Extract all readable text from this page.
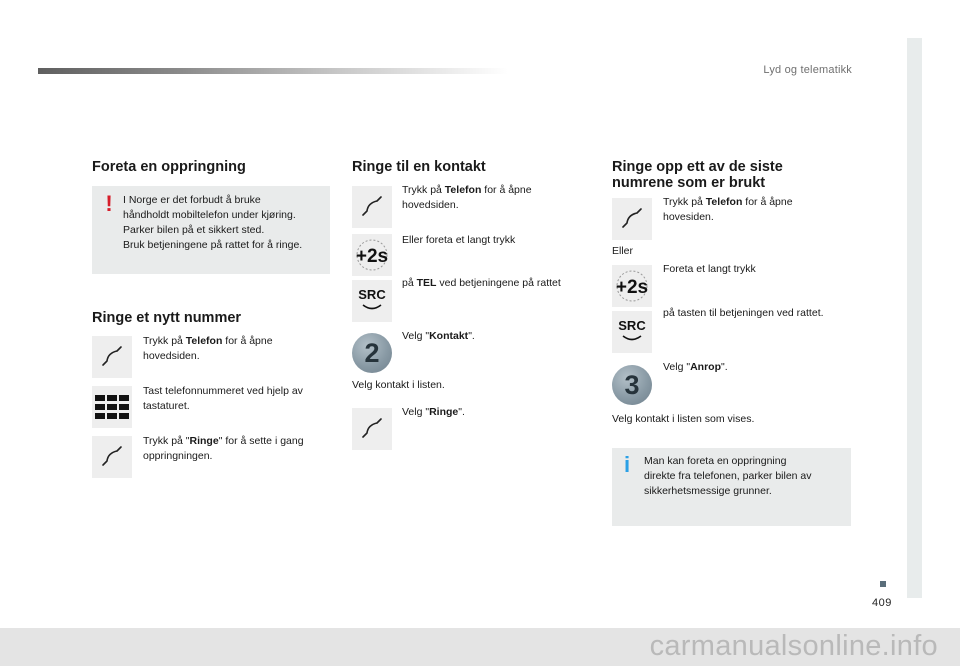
Lyd og telematikk
409
Foreta en oppringning
! I Norge er det forbudt å bruke
håndholdt mobiltelefon under kjøring.
Parker bilen på et sikkert sted.
Bruk betjeningene på rattet for å ringe.
Ringe et nytt nummer
Trykk på Telefon for å åpne hovedsiden.
Tast telefonnummeret ved hjelp av tastaturet.
Trykk på "Ringe" for å sette i gang oppringningen.
Ringe til en kontakt
Trykk på Telefon for å åpne hovedsiden.
+2s
Eller foreta et langt trykk
SRC
på TEL ved betjeningene på rattet
2
Velg "Kontakt".
Velg kontakt i listen.
Velg "Ringe".
Ringe opp ett av de siste
numrene som er brukt
Trykk på Telefon for å åpne hovesiden.
Eller
+2s
Foreta et langt trykk
SRC
på tasten til betjeningen ved rattet.
3
Velg "Anrop".
Velg kontakt i listen som vises.
i Man kan foreta en oppringning
direkte fra telefonen, parker bilen av
sikkerhetsmessige grunner.
carmanualsonline.info
